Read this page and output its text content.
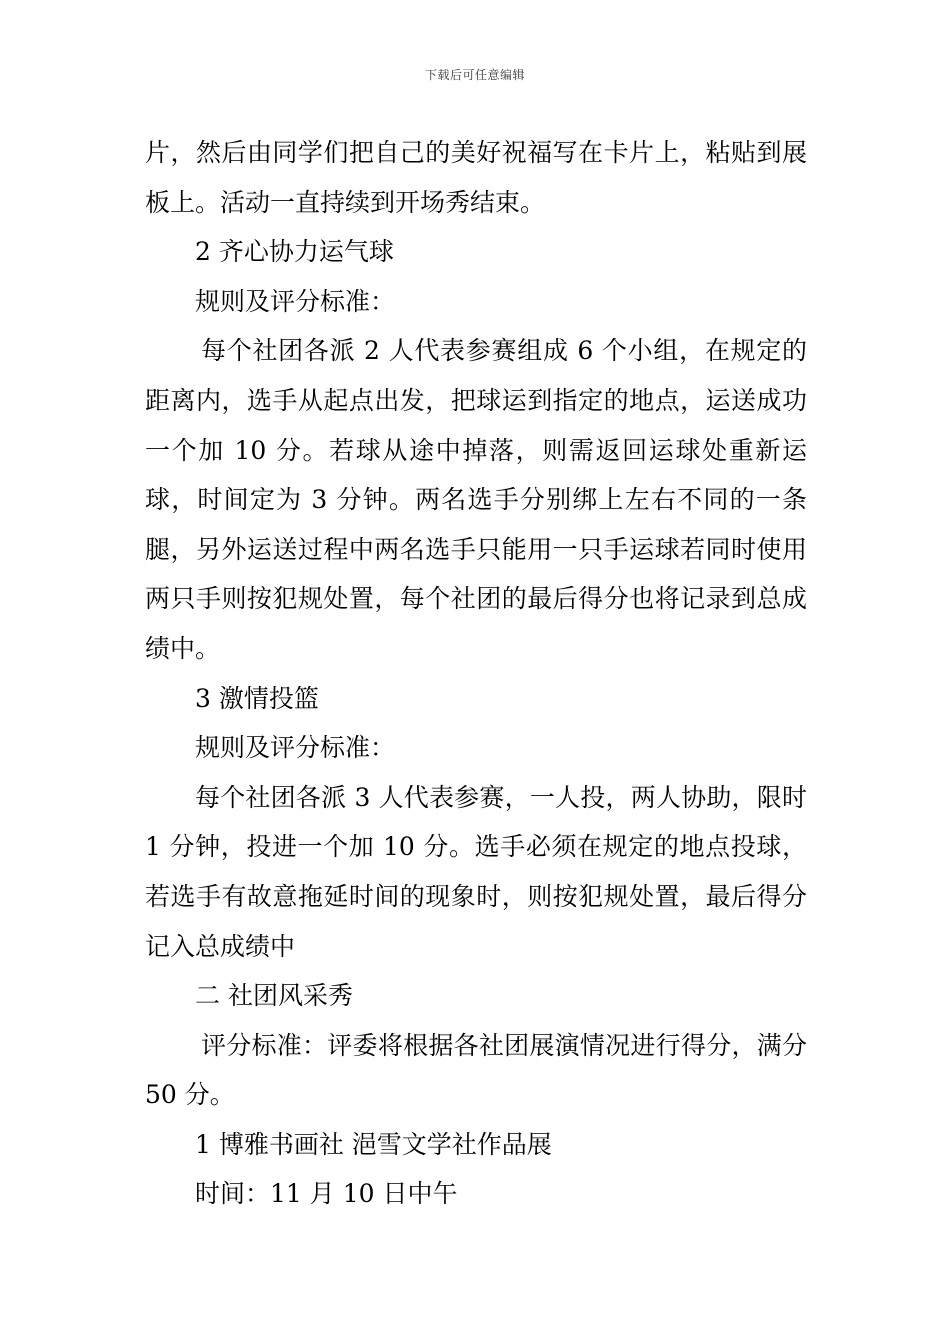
下载后可任意编辑

片，然后由同学们把自己的美好祝福写在卡片上，粘贴到展板上。活动一直持续到开场秀结束。

2 齐心协力运气球

规则及评分标准：

每个社团各派 2 人代表参赛组成 6 个小组，在规定的距离内，选手从起点出发，把球运到指定的地点，运送成功一个加 10 分。若球从途中掉落，则需返回运球处重新运球，时间定为 3 分钟。两名选手分别绑上左右不同的一条腿，另外运送过程中两名选手只能用一只手运球若同时使用两只手则按犯规处置，每个社团的最后得分也将记录到总成绩中。

3 激情投篮

规则及评分标准：

每个社团各派 3 人代表参赛，一人投，两人协助，限时 1 分钟，投进一个加 10 分。选手必须在规定的地点投球，若选手有故意拖延时间的现象时，则按犯规处置，最后得分记入总成绩中

二 社团风采秀

评分标准：评委将根据各社团展演情况进行得分，满分 50 分。

1 博雅书画社 浥雪文学社作品展

时间：11 月 10 日中午
